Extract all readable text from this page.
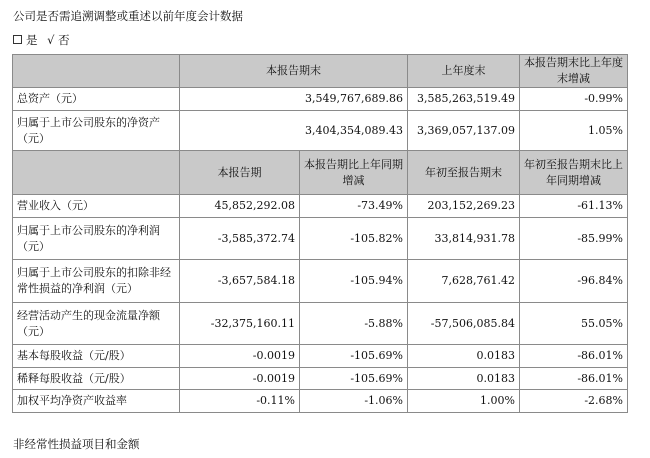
公司是否需追溯调整或重述以前年度会计数据
是 √ 否
	本报告期末		上年度末	本报告期末比上年度末增减
总资产（元）	3,549,767,689.86		3,585,263,519.49	-0.99%
归属于上市公司股东的净资产（元）	3,404,354,089.43		3,369,057,137.09	1.05%
	本报告期	本报告期比上年同期增减	年初至报告期末	年初至报告期末比上年同期增减
营业收入（元）	45,852,292.08	-73.49%	203,152,269.23	-61.13%
归属于上市公司股东的净利润（元）	-3,585,372.74	-105.82%	33,814,931.78	-85.99%
归属于上市公司股东的扣除非经常性损益的净利润（元）	-3,657,584.18	-105.94%	7,628,761.42	-96.84%
经营活动产生的现金流量净额（元）	-32,375,160.11	-5.88%	-57,506,085.84	55.05%
基本每股收益（元/股）	-0.0019	-105.69%	0.0183	-86.01%
稀释每股收益（元/股）	-0.0019	-105.69%	0.0183	-86.01%
加权平均净资产收益率	-0.11%	-1.06%	1.00%	-2.68%
非经常性损益项目和金额
